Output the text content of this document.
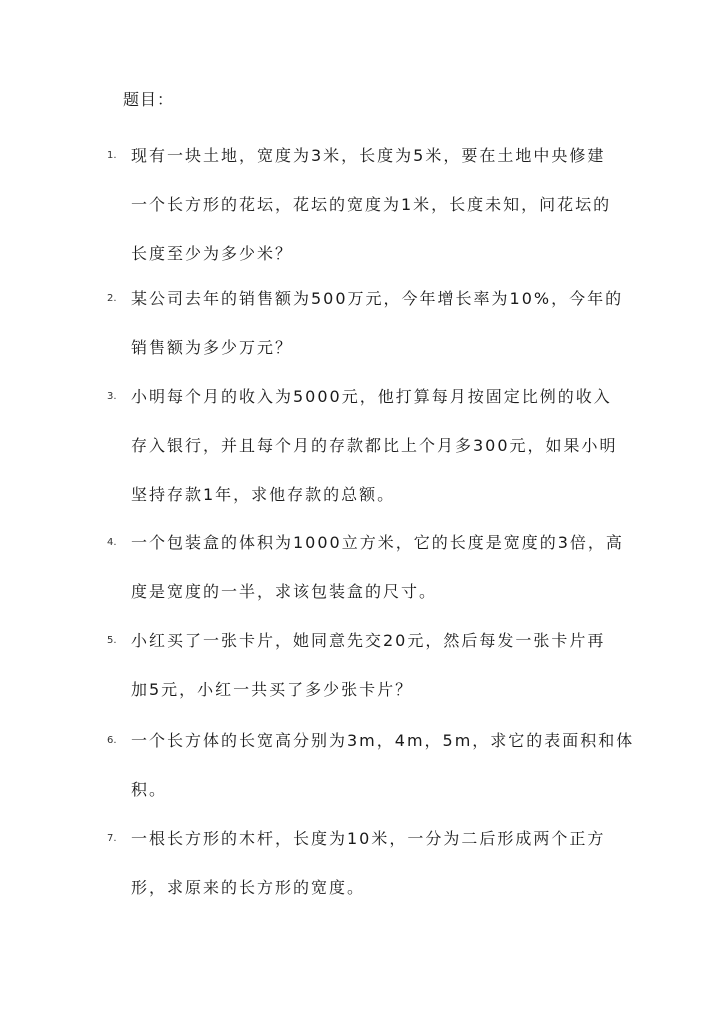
题目：
1. 现有一块土地，宽度为3米，长度为5米，要在土地中央修建
一个长方形的花坛，花坛的宽度为1米，长度未知，问花坛的
长度至少为多少米？
2. 某公司去年的销售额为500万元，今年增长率为10%，今年的
销售额为多少万元？
3. 小明每个月的收入为5000元，他打算每月按固定比例的收入
存入银行，并且每个月的存款都比上个月多300元，如果小明
坚持存款1年，求他存款的总额。
4. 一个包装盒的体积为1000立方米，它的长度是宽度的3倍，高
度是宽度的一半，求该包装盒的尺寸。
5. 小红买了一张卡片，她同意先交20元，然后每发一张卡片再
加5元，小红一共买了多少张卡片？
6. 一个长方体的长宽高分别为3m，4m，5m，求它的表面积和体
积。
7. 一根长方形的木杆，长度为10米，一分为二后形成两个正方
形，求原来的长方形的宽度。
